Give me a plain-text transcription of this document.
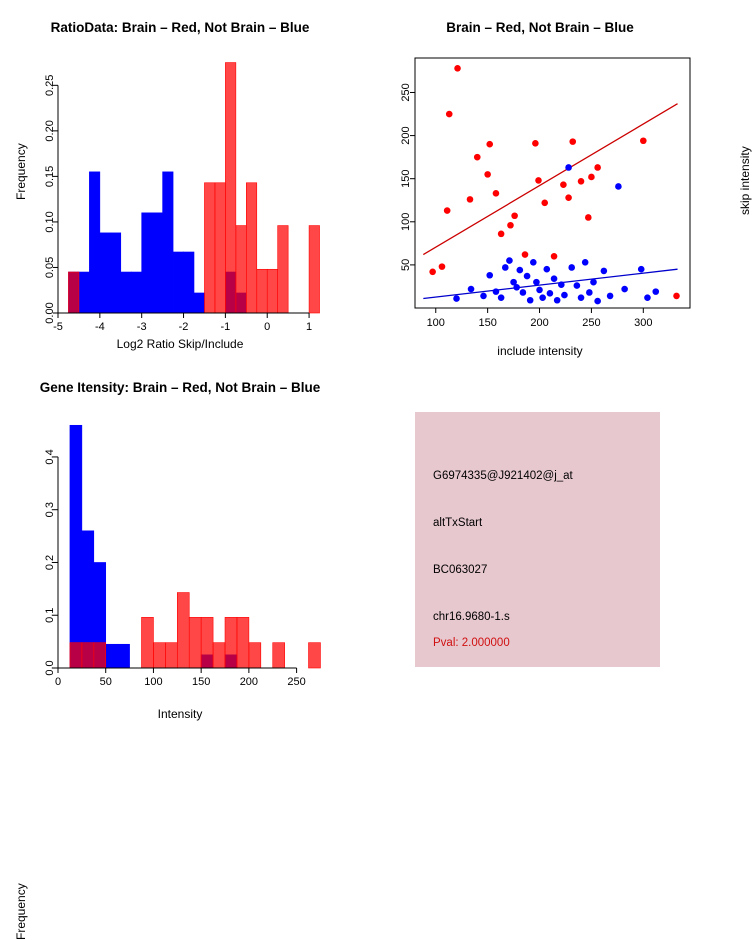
RatioData: Brain – Red, Not Brain – Blue
-5	-4	-3	-2	-1	0	1
0.00
0.05
0.10
0.15
0.20
0.25
Log2 Ratio Skip/Include
Frequency
Brain – Red, Not Brain – Blue
100	150	200	250	300
50
100
150
200
250
include intensity
skip intensity
Gene Itensity: Brain – Red, Not Brain – Blue
0	50	100	150	200	250
0.0
0.1
0.2
0.3
0.4
Intensity
Frequency
G6974335@J921402@j_at
altTxStart
BC063027
chr16.9680-1.s
Pval: 2.000000
